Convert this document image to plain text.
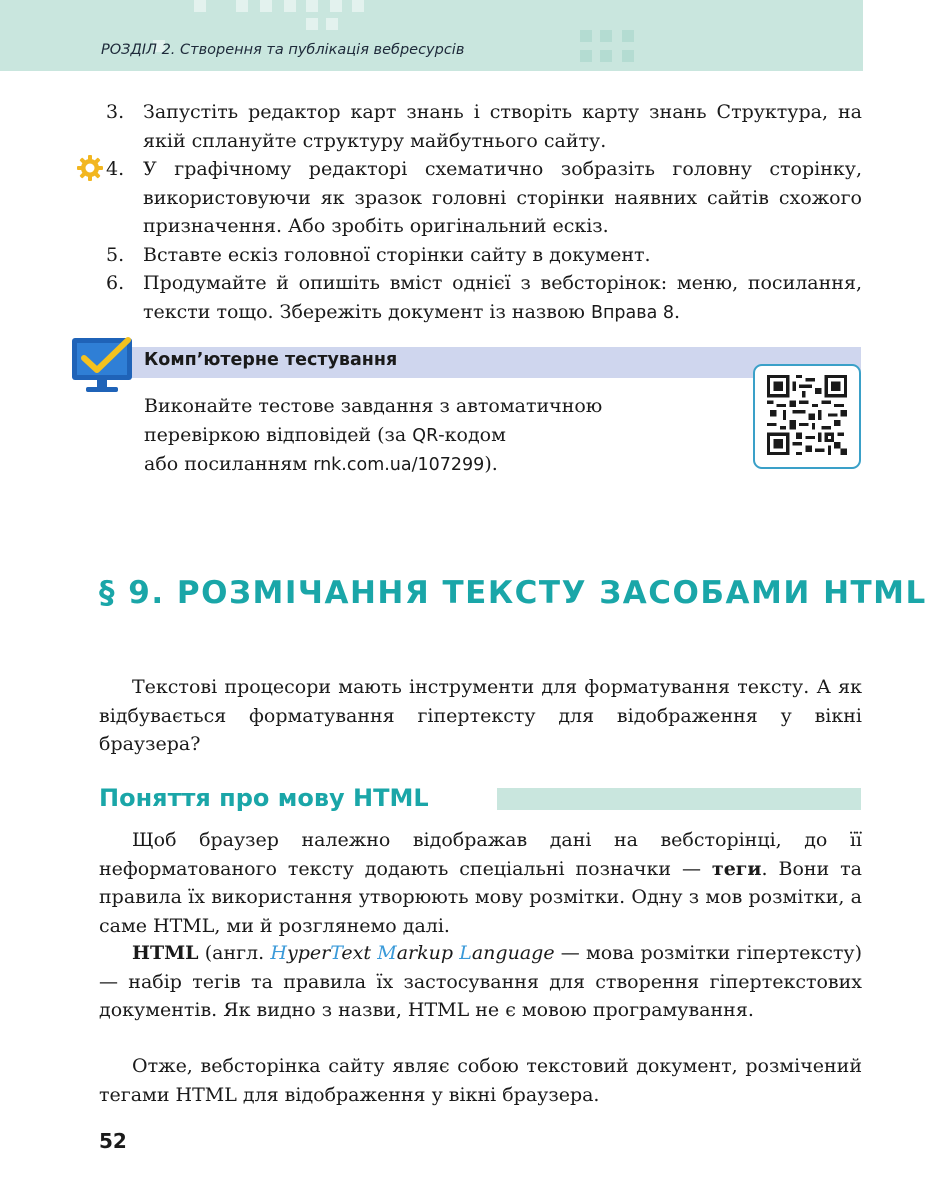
РОЗДІЛ 2. Створення та публікація вебресурсів
3. Запустіть редактор карт знань і створіть карту знань Структура, на якій сплануйте структуру майбутнього сайту.
4. У графічному редакторі схематично зобразіть головну сторінку, використовуючи як зразок головні сторінки наявних сайтів схожого призначення. Або зробіть оригінальний ескіз.
5. Вставте ескіз головної сторінки сайту в документ.
6. Продумайте й опишіть вміст однієї з вебсторінок: меню, посилання, тексти тощо. Збережіть документ із назвою Вправа 8.
Комп’ютерне тестування
Виконайте тестове завдання з автоматичною
перевіркою відповідей (за QR-кодом
або посиланням rnk.com.ua/107299).
§ 9. РОЗМІЧАННЯ ТЕКСТУ ЗАСОБАМИ HTML

Текстові процесори мають інструменти для форматування тексту. А як відбувається форматування гіпертексту для відображення у вікні браузера?

Поняття про мову HTML

Щоб браузер належно відображав дані на вебсторінці, до її неформатованого тексту додають спеціальні позначки — теги. Вони та правила їх використання утворюють мову розмітки. Одну з мов розмітки, а саме HTML, ми й розглянемо далі.

HTML (англ. HyperText Markup Language — мова розмітки гіпертексту) — набір тегів та правила їх застосування для створення гіпертекстових документів. Як видно з назви, HTML не є мовою програмування.

Отже, вебсторінка сайту являє собою текстовий документ, розмічений тегами HTML для відображення у вікні браузера.

52
